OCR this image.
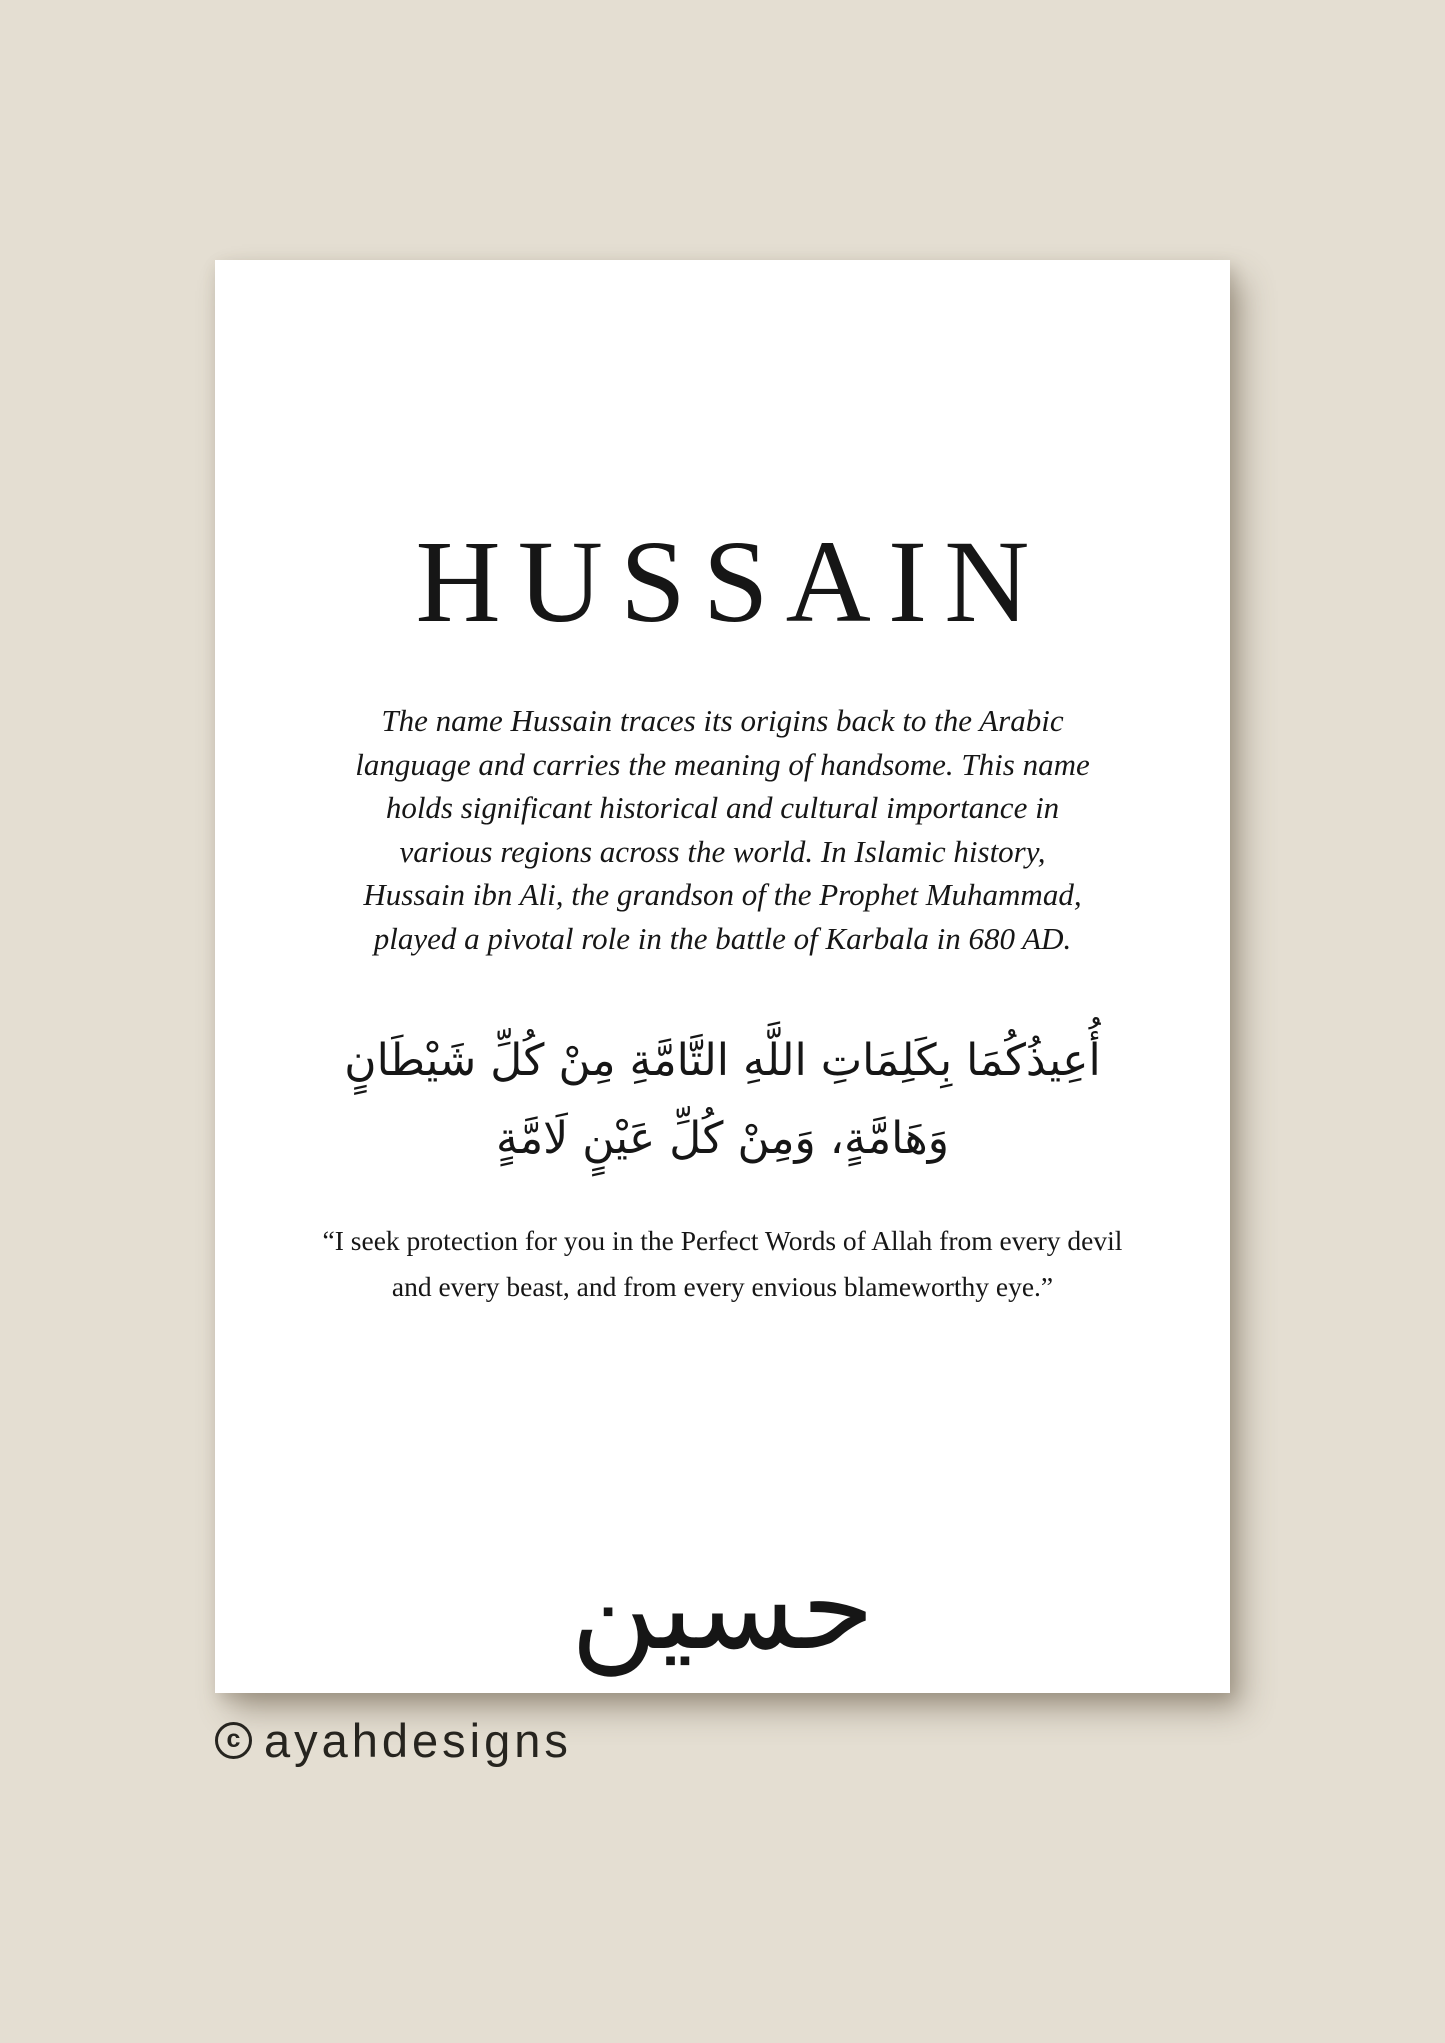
HUSSAIN
The name Hussain traces its origins back to the Arabic
language and carries the meaning of handsome. This name
holds significant historical and cultural importance in
various regions across the world. In Islamic history,
Hussain ibn Ali, the grandson of the Prophet Muhammad,
played a pivotal role in the battle of Karbala in 680 AD.
أُعِيذُكُمَا بِكَلِمَاتِ اللَّهِ التَّامَّةِ مِنْ كُلِّ شَيْطَانٍ
وَهَامَّةٍ، وَمِنْ كُلِّ عَيْنٍ لَامَّةٍ
“I seek protection for you in the Perfect Words of Allah from every devil
and every beast, and from every envious blameworthy eye.”
حسين
c ayahdesigns
